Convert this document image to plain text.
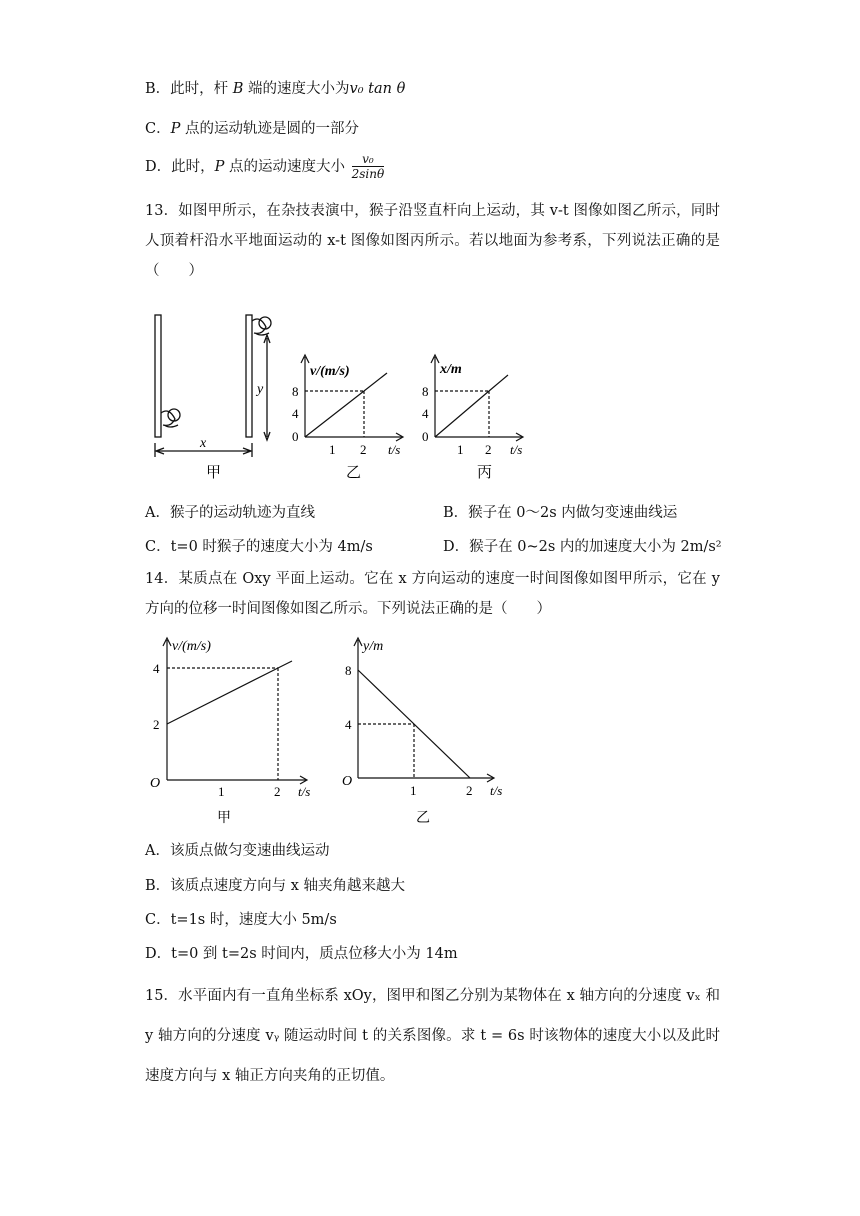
B．此时，杆 B 端的速度大小为v₀ tan θ
C．P 点的运动轨迹是圆的一部分
D．此时，P 点的运动速度大小 $\frac{\text{v₀}}{2\sin\theta}$
13．如图甲所示，在杂技表演中，猴子沿竖直杆向上运动，其 v-t 图像如图乙所示，同时人顶着杆沿水平地面运动的 x-t 图像如图丙所示。若以地面为参考系，下列说法正确的是（　　）
x
y
甲
v/(m/s)
8
4
0
1 2 t/s
乙
x/m
8
4
0
1 2 t/s
丙
A．猴子的运动轨迹为直线	B．猴子在 0～2s 内做匀变速曲线运
C．t=0 时猴子的速度大小为 4m/s	D．猴子在 0~2s 内的加速度大小为 2m/s²
14．某质点在 Oxy 平面上运动。它在 x 方向运动的速度一时间图像如图甲所示，它在 y 方向的位移一时间图像如图乙所示。下列说法正确的是（　　）
v/(m/s)
4
2
O
1	2 t/s
甲
y/m
8
4
O
1	2 t/s
乙
A．该质点做匀变速曲线运动
B．该质点速度方向与 x 轴夹角越来越大
C．t=1s 时，速度大小 5m/s
D．t=0 到 t=2s 时间内，质点位移大小为 14m
15．水平面内有一直角坐标系 xOy，图甲和图乙分别为某物体在 x 轴方向的分速度 vₓ 和 y 轴方向的分速度 vᵧ 随运动时间 t 的关系图像。求 t = 6s 时该物体的速度大小以及此时速度方向与 x 轴正方向夹角的正切值。
